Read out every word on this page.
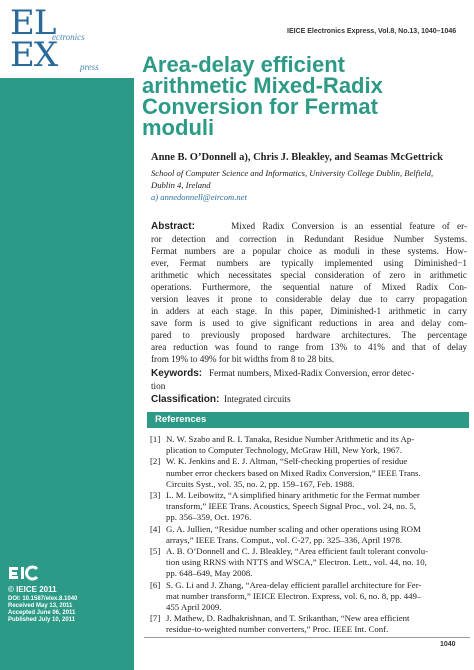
EL
ectronics
EX	press
IEICE Electronics Express, Vol.8, No.13, 1040–1046
© IEICE 2011
DOI: 10.1587/elex.8.1040
Received May 13, 2011
Accepted June 06, 2011
Published July 10, 2011
Area-delay efficient
arithmetic Mixed-Radix
Conversion for Fermat
moduli
Anne B. O’Donnell a), Chris J. Bleakley, and Seamas McGettrick
School of Computer Science and Informatics, University College Dublin, Belfield,
Dublin 4, Ireland
a) annedonnell@eircom.net
Abstract:	Mixed Radix Conversion is an essential feature of er-
ror detection and correction in Redundant Residue Number Systems.
Fermat numbers are a popular choice as moduli in these systems. How-
ever, Fermat numbers are typically implemented using Diminished−1
arithmetic which necessitates special consideration of zero in arithmetic
operations. Furthermore, the sequential nature of Mixed Radix Con-
version leaves it prone to considerable delay due to carry propagation
in adders at each stage. In this paper, Diminished-1 arithmetic in carry
save form is used to give significant reductions in area and delay com-
pared to previously proposed hardware architectures. The percentage
area reduction was found to range from 13% to 41% and that of delay
from 19% to 49% for bit widths from 8 to 28 bits.
Keywords: Fermat numbers, Mixed-Radix Conversion, error detec-
tion
Classification: Integrated circuits
References
[1] N. W. Szabo and R. I. Tanaka, Residue Number Arithmetic and its Ap-
plication to Computer Technology, McGraw Hill, New York, 1967.
[2] W. K. Jenkins and E. J. Altman, “Self-checking properties of residue
number error checkers based on Mixed Radix Conversion,” IEEE Trans.
Circuits Syst., vol. 35, no. 2, pp. 159–167, Feb. 1988.
[3] L. M. Leibowitz, “A simplified binary arithmetic for the Fermat number
transform,” IEEE Trans. Acoustics, Speech Signal Proc., vol. 24, no. 5,
pp. 356–359, Oct. 1976.
[4] G. A. Jullien, “Residue number scaling and other operations using ROM
arrays,” IEEE Trans. Comput., vol. C-27, pp. 325–336, April 1978.
[5] A. B. O’Donnell and C. J. Bleakley, “Area efficient fault tolerant convolu-
tion using RRNS with NTTS and WSCA,” Electron. Lett., vol. 44, no. 10,
pp. 648–649, May 2008.
[6] S. G. Li and J. Zhang, “Area-delay efficient parallel architecture for Fer-
mat number transform,” IEICE Electron. Express, vol. 6, no. 8, pp. 449–
455 April 2009.
[7] J. Mathew, D. Radhakrishnan, and T. Srikanthan, “New area efficient
residue-to-weighted number converters,” Proc. IEEE Int. Conf.
1040
